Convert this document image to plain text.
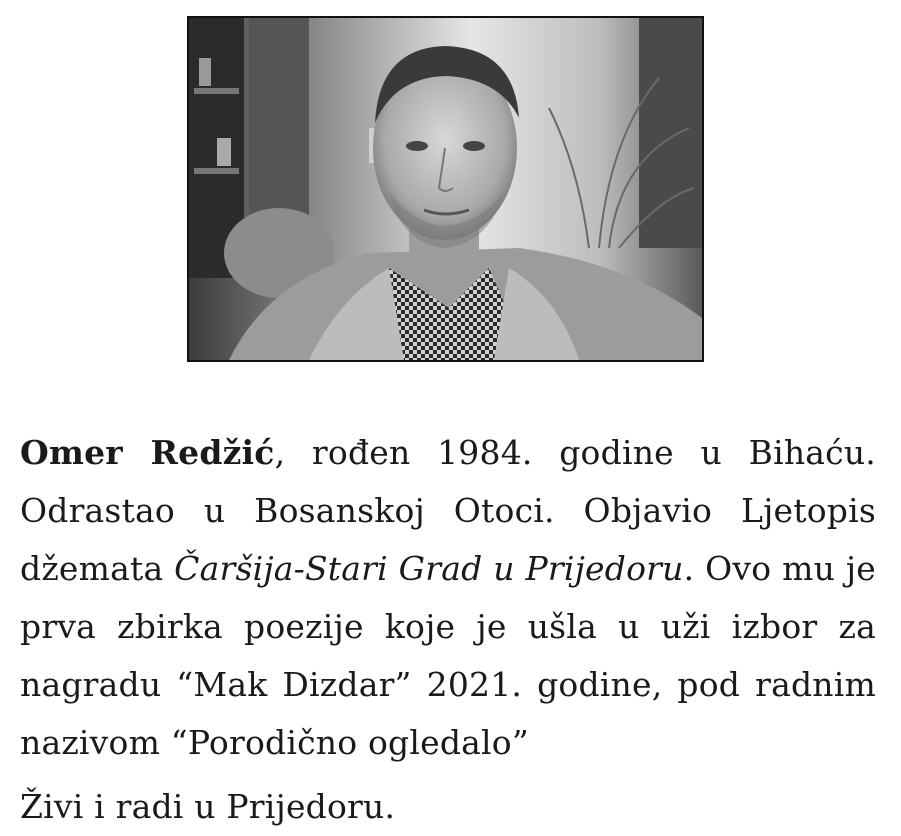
Omer Redžić, rođen 1984. godine u Bihaću. Odrastao u Bosanskoj Otoci. Objavio Ljetopis džemata Čaršija-Stari Grad u Prijedoru. Ovo mu je prva zbirka poezije koje je ušla u uži izbor za nagradu “Mak Dizdar” 2021. godine, pod radnim nazivom “Porodično ogledalo”

Živi i radi u Prijedoru.
